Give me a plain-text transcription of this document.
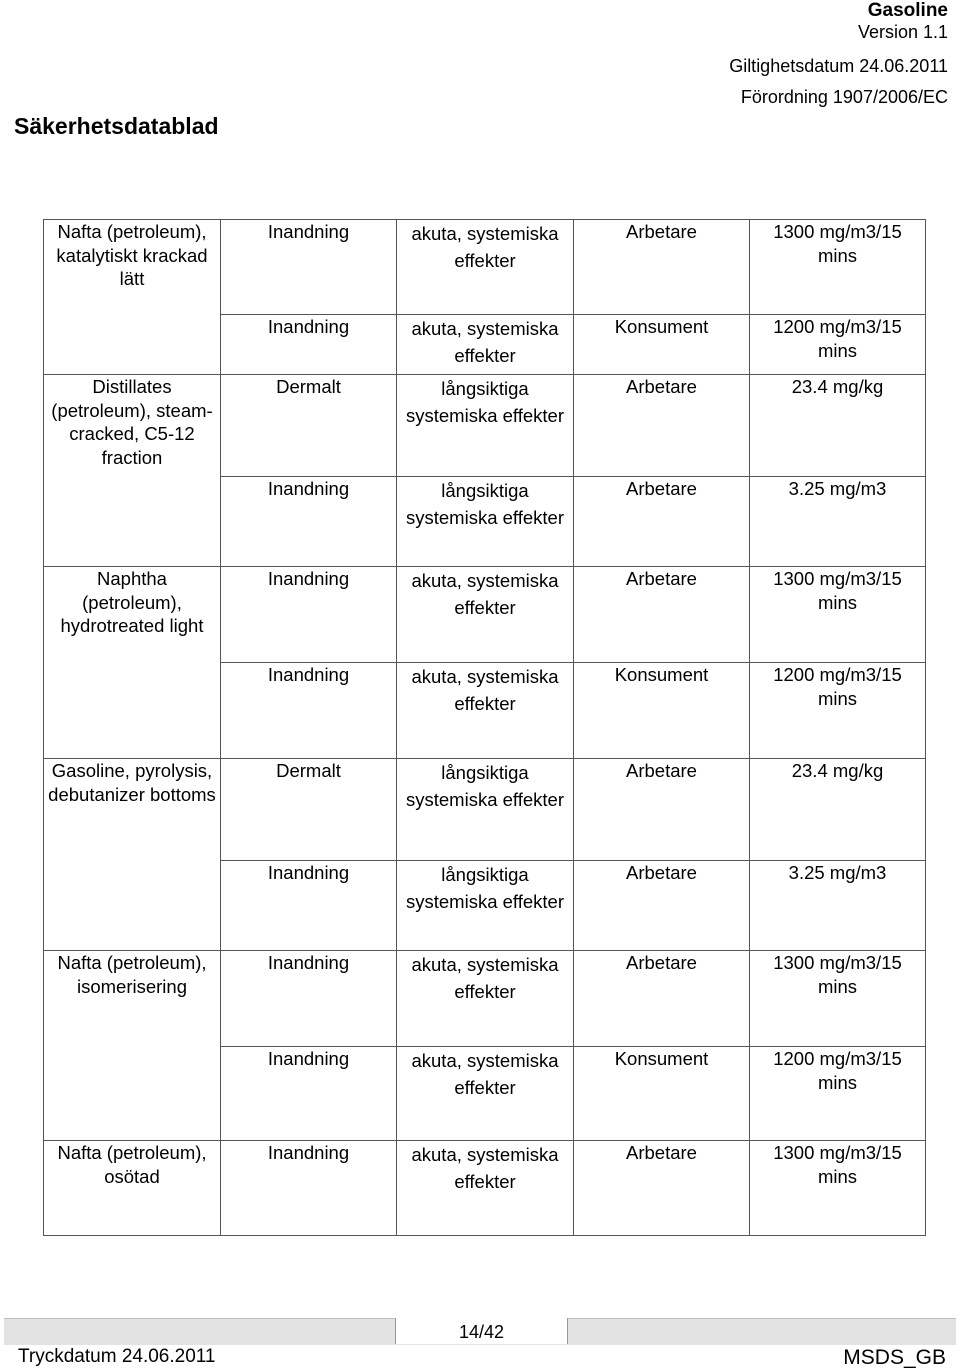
Gasoline
Version 1.1
Giltighetsdatum 24.06.2011
Förordning 1907/2006/EC
Säkerhetsdatablad
Nafta (petroleum), katalytiskt krackad lätt	Inandning	akuta, systemiska effekter	Arbetare	1300 mg/m3/15 mins
	Inandning	akuta, systemiska effekter	Konsument	1200 mg/m3/15 mins
Distillates (petroleum), steam-cracked, C5-12 fraction	Dermalt	långsiktiga systemiska effekter	Arbetare	23.4 mg/kg
	Inandning	långsiktiga systemiska effekter	Arbetare	3.25 mg/m3
Naphtha (petroleum), hydrotreated light	Inandning	akuta, systemiska effekter	Arbetare	1300 mg/m3/15 mins
	Inandning	akuta, systemiska effekter	Konsument	1200 mg/m3/15 mins
Gasoline, pyrolysis, debutanizer bottoms	Dermalt	långsiktiga systemiska effekter	Arbetare	23.4 mg/kg
	Inandning	långsiktiga systemiska effekter	Arbetare	3.25 mg/m3
Nafta (petroleum), isomerisering	Inandning	akuta, systemiska effekter	Arbetare	1300 mg/m3/15 mins
	Inandning	akuta, systemiska effekter	Konsument	1200 mg/m3/15 mins
Nafta (petroleum), osötad	Inandning	akuta, systemiska effekter	Arbetare	1300 mg/m3/15 mins
14/42
Tryckdatum 24.06.2011	MSDS_GB
